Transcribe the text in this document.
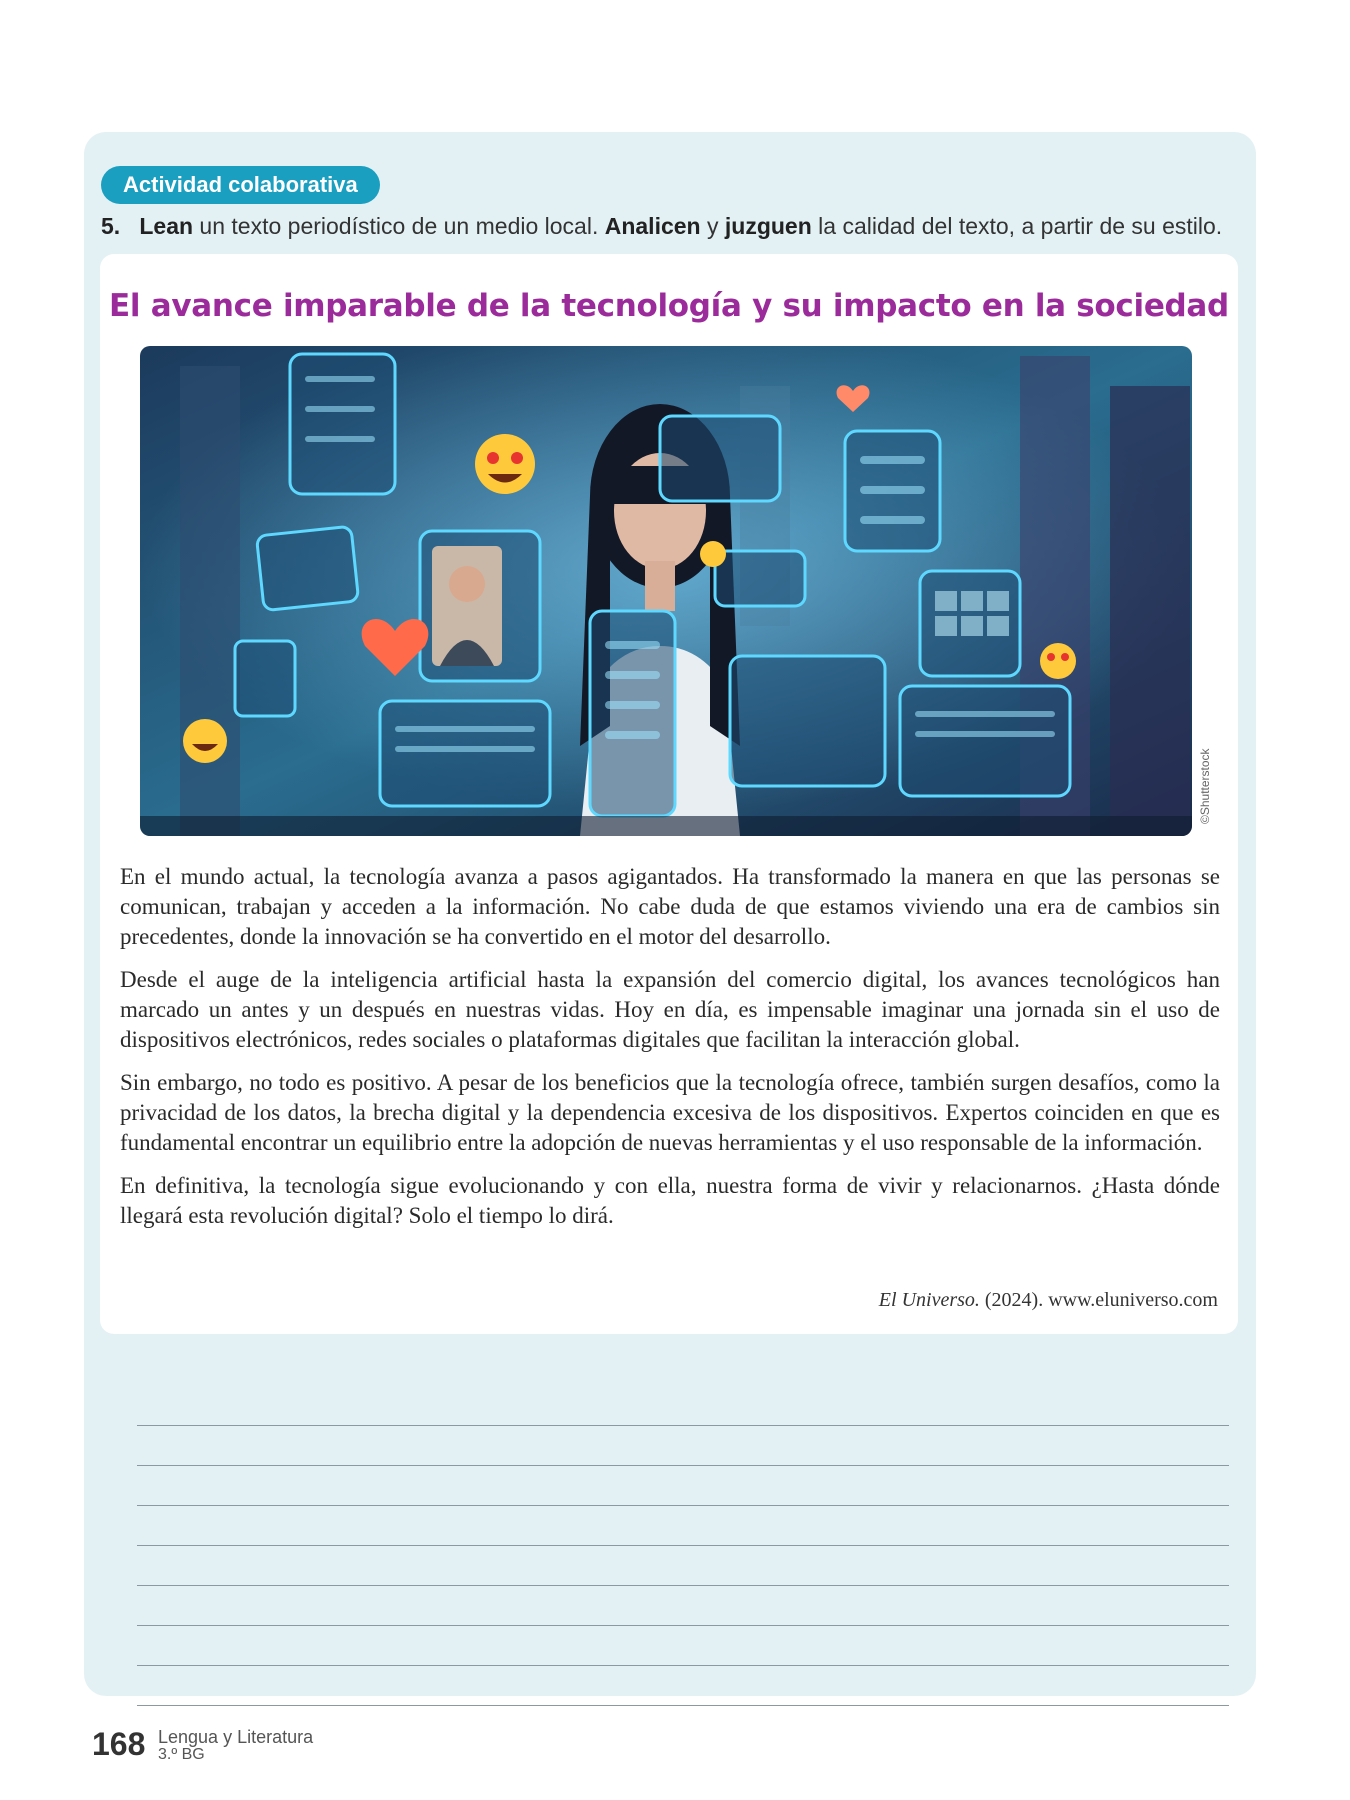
Actividad colaborativa
5. Lean un texto periodístico de un medio local. Analicen y juzguen la calidad del texto, a partir de su estilo.
El avance imparable de la tecnología y su impacto en la sociedad
©Shutterstock

En el mundo actual, la tecnología avanza a pasos agigantados. Ha transformado la manera en que las personas se comunican, trabajan y acceden a la información. No cabe duda de que estamos viviendo una era de cambios sin precedentes, donde la innovación se ha convertido en el motor del desarrollo.

Desde el auge de la inteligencia artificial hasta la expansión del comercio digital, los avances tecnológicos han marcado un antes y un después en nuestras vidas. Hoy en día, es impensable imaginar una jornada sin el uso de dispositivos electrónicos, redes sociales o plataformas digitales que facilitan la interacción global.

Sin embargo, no todo es positivo. A pesar de los beneficios que la tecnología ofrece, también surgen desafíos, como la privacidad de los datos, la brecha digital y la dependencia excesiva de los dispositivos. Expertos coinciden en que es fundamental encontrar un equilibrio entre la adopción de nuevas herramientas y el uso responsable de la información.

En definitiva, la tecnología sigue evolucionando y con ella, nuestra forma de vivir y relacionarnos. ¿Hasta dónde llegará esta revolución digital? Solo el tiempo lo dirá.

El Universo. (2024). www.eluniverso.com
168 Lengua y Literatura
3.º BG
